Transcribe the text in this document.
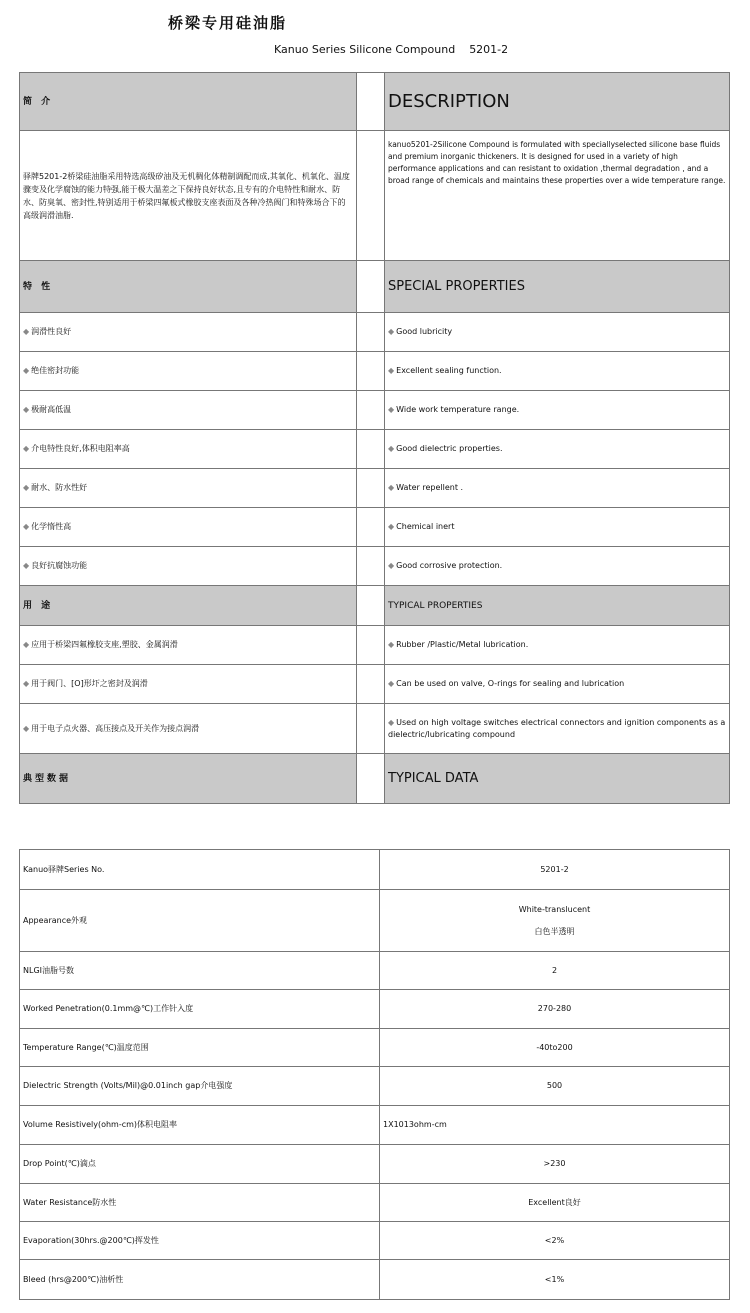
桥梁专用硅油脂
Kanuo Series Silicone Compound 5201-2
简 介		DESCRIPTION
驿牌5201-2桥梁硅油脂采用特选高级矽油及无机稠化体精制调配而成,其氧化、机氧化、温度骤变及化学腐蚀的能力特强,能于极大温差之下保持良好状态,且专有的介电特性和耐水、防水、防臭氧、密封性,特别适用于桥梁四氟板式橡胶支座表面及各种冷热阀门和特殊场合下的高级润滑油脂.		kanuo5201-2Silicone Compound is formulated with speciallyselected silicone base fluids and premium inorganic thickeners. It is designed for used in a variety of high performance applications and can resistant to oxidation ,thermal degradation , and a broad range of chemicals and maintains these properties over a wide temperature range.
特 性		SPECIAL PROPERTIES
◆ 润滑性良好		◆ Good lubricity
◆ 绝佳密封功能		◆ Excellent sealing function.
◆ 极耐高低温		◆ Wide work temperature range.
◆ 介电特性良好,体积电阻率高		◆ Good dielectric properties.
◆ 耐水、防水性好		◆ Water repellent .
◆ 化学惰性高		◆ Chemical inert
◆ 良好抗腐蚀功能		◆ Good corrosive protection.
用 途		TYPICAL PROPERTIES
◆ 应用于桥梁四氟橡胶支座,塑胶、金属润滑		◆ Rubber /Plastic/Metal lubrication.
◆ 用于阀门、[O]形圷之密封及润滑		◆ Can be used on valve, O-rings for sealing and lubrication
◆ 用于电子点火器、高压接点及开关作为接点润滑		◆ Used on high voltage switches electrical connectors and ignition components as a dielectric/lubricating compound
典型数据		TYPICAL DATA
Kanuo驿牌Series No.	5201-2

Appearance外观	White-translucent
白色半透明

NLGI油脂号数	2

Worked Penetration(0.1mm@℃)工作针入度	270-280

Temperature Range(℃)温度范围	-40to200

Dielectric Strength (Volts/Mil)@0.01inch gap介电强度	500

Volume Resistively(ohm-cm)体积电阻率	1X1013ohm-cm

Drop Point(℃)滴点	>230

Water Resistance防水性	Excellent良好

Evaporation(30hrs.@200℃)挥发性	<2%

Bleed (hrs@200℃)油析性	<1%
